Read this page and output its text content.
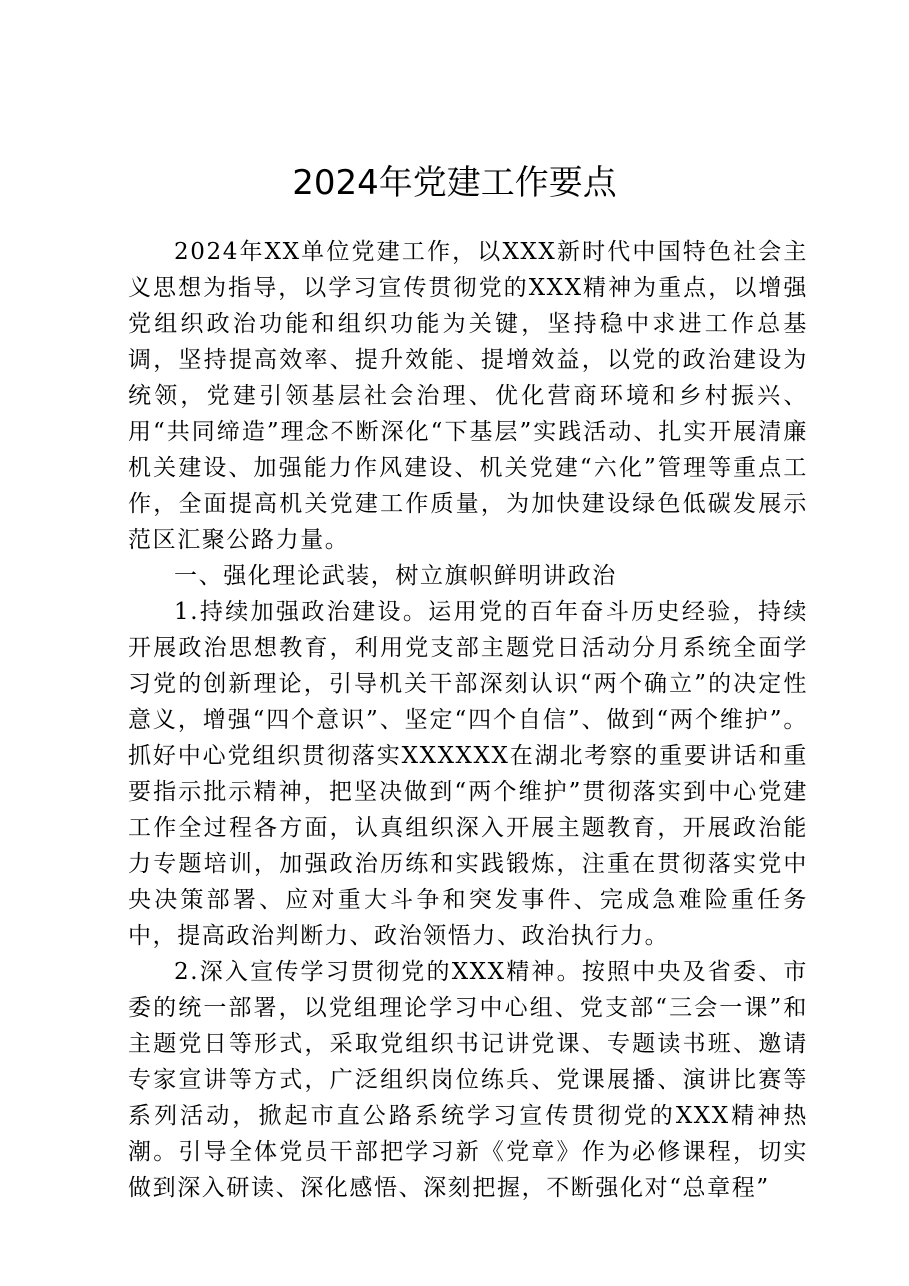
2024年党建工作要点

2024年XX单位党建工作，以XXX新时代中国特色社会主义思想为指导，以学习宣传贯彻党的XXX精神为重点，以增强党组织政治功能和组织功能为关键，坚持稳中求进工作总基调，坚持提高效率、提升效能、提增效益，以党的政治建设为统领，党建引领基层社会治理、优化营商环境和乡村振兴、用“共同缔造”理念不断深化“下基层”实践活动、扎实开展清廉机关建设、加强能力作风建设、机关党建“六化”管理等重点工作，全面提高机关党建工作质量，为加快建设绿色低碳发展示范区汇聚公路力量。

一、强化理论武装，树立旗帜鲜明讲政治

1.持续加强政治建设。运用党的百年奋斗历史经验，持续开展政治思想教育，利用党支部主题党日活动分月系统全面学习党的创新理论，引导机关干部深刻认识“两个确立”的决定性意义，增强“四个意识”、坚定“四个自信”、做到“两个维护”。抓好中心党组织贯彻落实XXXXXX在湖北考察的重要讲话和重要指示批示精神，把坚决做到“两个维护”贯彻落实到中心党建工作全过程各方面，认真组织深入开展主题教育，开展政治能力专题培训，加强政治历练和实践锻炼，注重在贯彻落实党中央决策部署、应对重大斗争和突发事件、完成急难险重任务中，提高政治判断力、政治领悟力、政治执行力。

2.深入宣传学习贯彻党的XXX精神。按照中央及省委、市委的统一部署，以党组理论学习中心组、党支部“三会一课”和主题党日等形式，采取党组织书记讲党课、专题读书班、邀请专家宣讲等方式，广泛组织岗位练兵、党课展播、演讲比赛等系列活动，掀起市直公路系统学习宣传贯彻党的XXX精神热潮。引导全体党员干部把学习新《党章》作为必修课程，切实做到深入研读、深化感悟、深刻把握，不断强化对“总章程”
